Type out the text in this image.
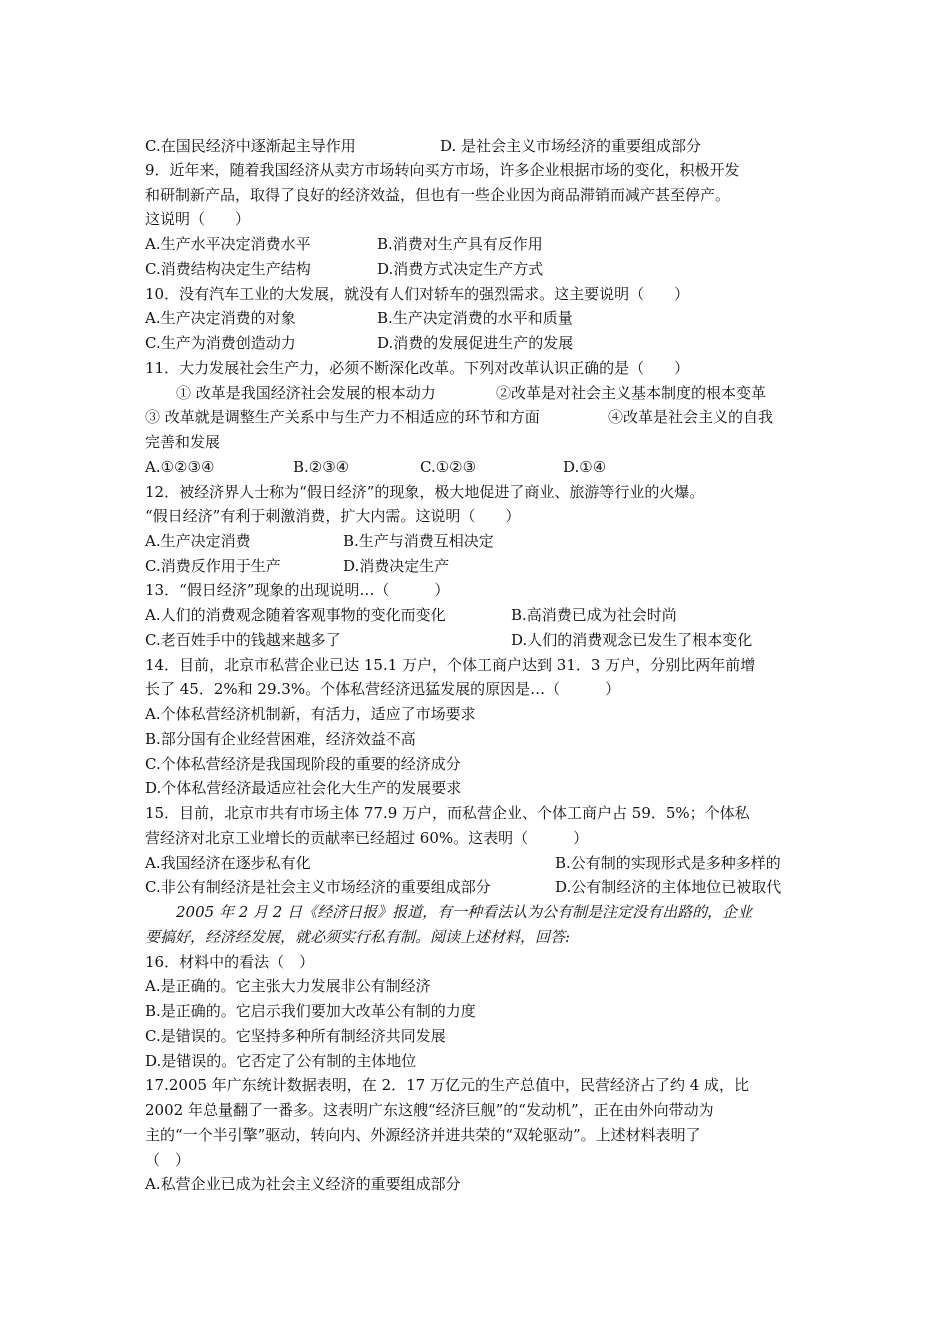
C.在国民经济中逐渐起主导作用	D. 是社会主义市场经济的重要组成部分
9．近年来，随着我国经济从卖方市场转向买方市场，许多企业根据市场的变化，积极开发
和研制新产品，取得了良好的经济效益，但也有一些企业因为商品滞销而减产甚至停产。
这说明（　　）
A.生产水平决定消费水平	B.消费对生产具有反作用
C.消费结构决定生产结构	D.消费方式决定生产方式
10．没有汽车工业的大发展，就没有人们对轿车的强烈需求。这主要说明（　　）
A.生产决定消费的对象	B.生产决定消费的水平和质量
C.生产为消费创造动力	D.消费的发展促进生产的发展
11．大力发展社会生产力，必须不断深化改革。下列对改革认识正确的是（　　）
① 改革是我国经济社会发展的根本动力	②改革是对社会主义基本制度的根本变革
③ 改革就是调整生产关系中与生产力不相适应的环节和方面	④改革是社会主义的自我
完善和发展
A.①②③④	B.②③④	C.①②③	D.①④
12．被经济界人士称为“假日经济”的现象，极大地促进了商业、旅游等行业的火爆。
“假日经济”有利于刺激消费，扩大内需。这说明（　　）
A.生产决定消费	B.生产与消费互相决定
C.消费反作用于生产	D.消费决定生产
13．“假日经济”现象的出现说明…（　　　）
A.人们的消费观念随着客观事物的变化而变化	B.高消费已成为社会时尚
C.老百姓手中的钱越来越多了	D.人们的消费观念已发生了根本变化
14．目前，北京市私营企业已达 15.1 万户，个体工商户达到 31．3 万户，分别比两年前增
长了 45．2%和 29.3%。个体私营经济迅猛发展的原因是…（　　　）
A.个体私营经济机制新，有活力，适应了市场要求
B.部分国有企业经营困难，经济效益不高
C.个体私营经济是我国现阶段的重要的经济成分
D.个体私营经济最适应社会化大生产的发展要求
15．目前，北京市共有市场主体 77.9 万户，而私营企业、个体工商户占 59．5%；个体私
营经济对北京工业增长的贡献率已经超过 60%。这表明（　　　）
A.我国经济在逐步私有化	B.公有制的实现形式是多种多样的
C.非公有制经济是社会主义市场经济的重要组成部分	D.公有制经济的主体地位已被取代
2005 年 2 月 2 日《经济日报》报道，有一种看法认为公有制是注定没有出路的，企业
要搞好，经济经发展，就必须实行私有制。阅读上述材料，回答:
16．材料中的看法（　）
A.是正确的。它主张大力发展非公有制经济
B.是正确的。它启示我们要加大改革公有制的力度
C.是错误的。它坚持多种所有制经济共同发展
D.是错误的。它否定了公有制的主体地位
17.2005 年广东统计数据表明，在 2．17 万亿元的生产总值中，民营经济占了约 4 成，比
2002 年总量翻了一番多。这表明广东这艘“经济巨舰”的“发动机”，正在由外向带动为
主的“一个半引擎”驱动，转向内、外源经济并进共荣的“双轮驱动”。上述材料表明了
（　）
A.私营企业已成为社会主义经济的重要组成部分
